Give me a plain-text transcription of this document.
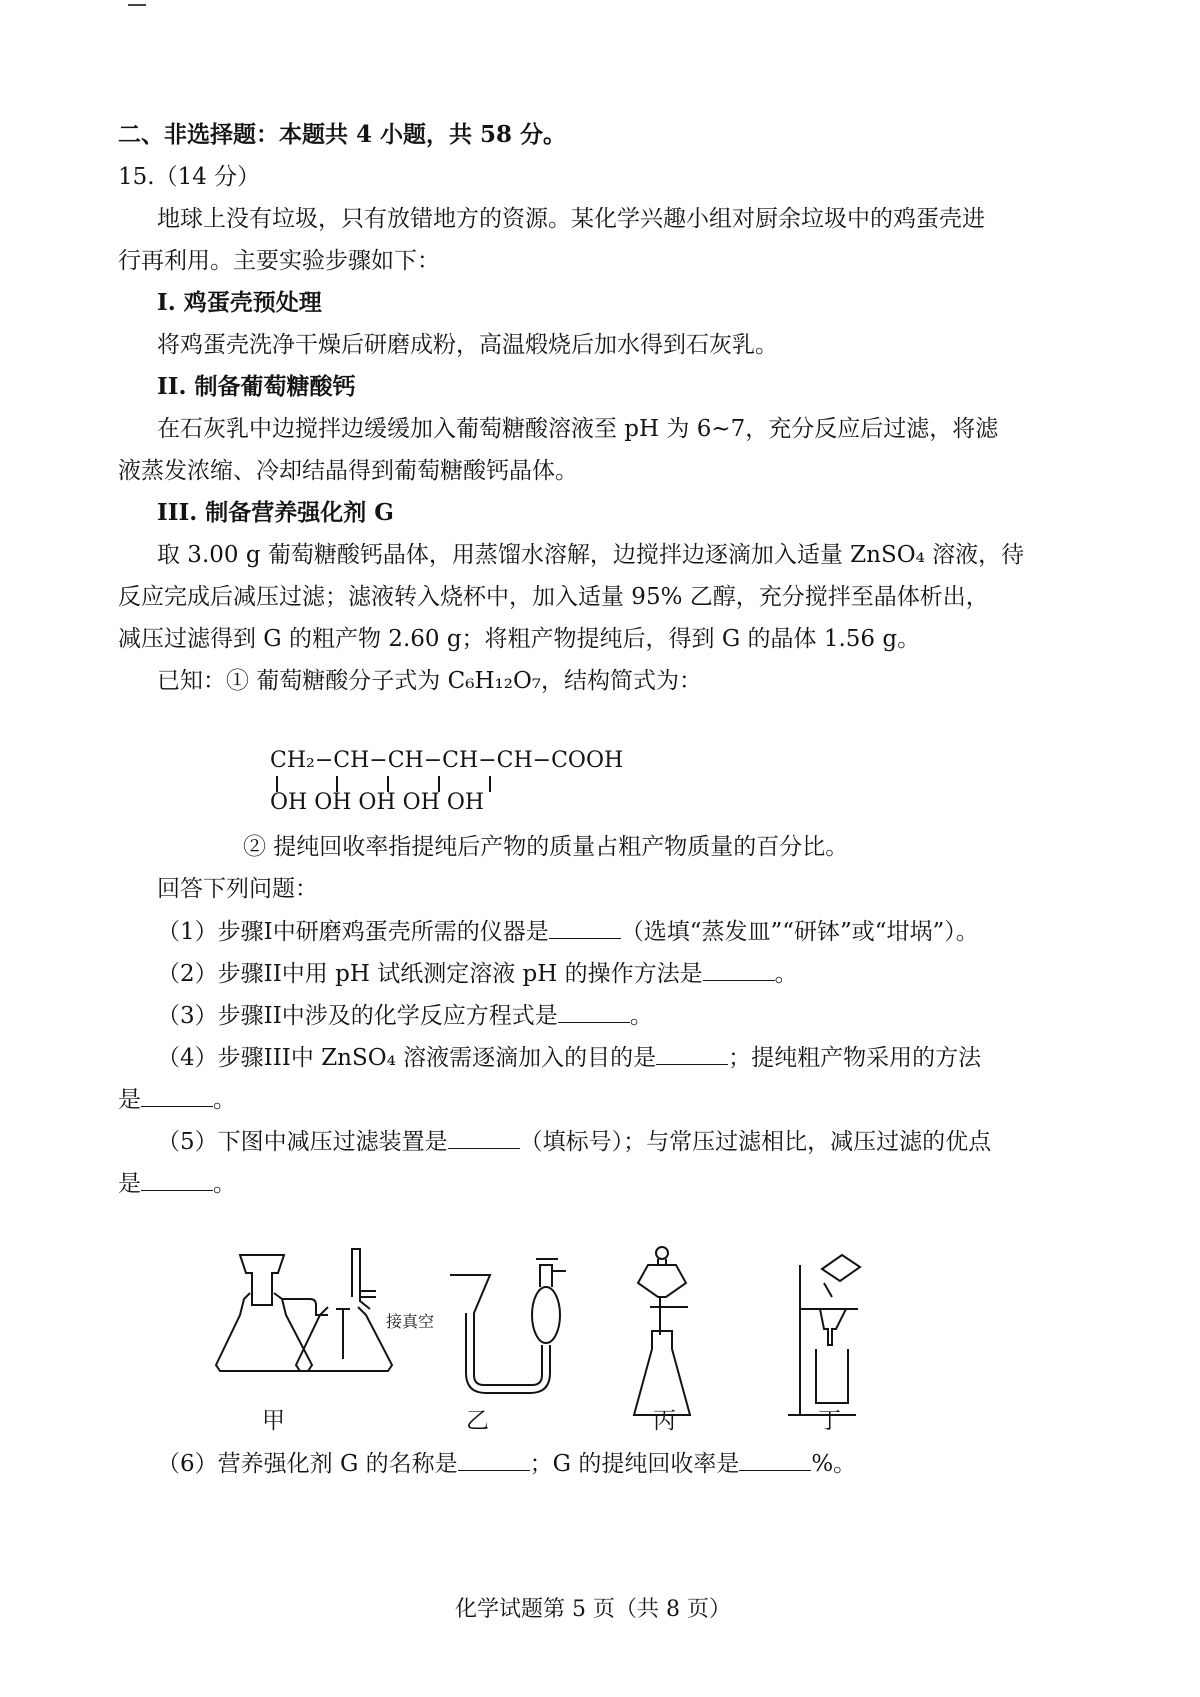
二、非选择题：本题共 4 小题，共 58 分。
15.（14 分）
地球上没有垃圾，只有放错地方的资源。某化学兴趣小组对厨余垃圾中的鸡蛋壳进
行再利用。主要实验步骤如下：
I. 鸡蛋壳预处理
将鸡蛋壳洗净干燥后研磨成粉，高温煅烧后加水得到石灰乳。
II. 制备葡萄糖酸钙
在石灰乳中边搅拌边缓缓加入葡萄糖酸溶液至 pH 为 6~7，充分反应后过滤，将滤
液蒸发浓缩、冷却结晶得到葡萄糖酸钙晶体。
III. 制备营养强化剂 G
取 3.00 g 葡萄糖酸钙晶体，用蒸馏水溶解，边搅拌边逐滴加入适量 ZnSO₄ 溶液，待
反应完成后减压过滤；滤液转入烧杯中，加入适量 95% 乙醇，充分搅拌至晶体析出，
减压过滤得到 G 的粗产物 2.60 g；将粗产物提纯后，得到 G 的晶体 1.56 g。
已知：① 葡萄糖酸分子式为 C₆H₁₂O₇，结构简式为：
CH₂−CH−CH−CH−CH−COOH
OH OH OH OH OH
② 提纯回收率指提纯后产物的质量占粗产物质量的百分比。
回答下列问题：
（1）步骤I中研磨鸡蛋壳所需的仪器是	（选填“蒸发皿”“研钵”或“坩埚”）。
（2）步骤II中用 pH 试纸测定溶液 pH 的操作方法是	。
（3）步骤II中涉及的化学反应方程式是	。
（4）步骤III中 ZnSO₄ 溶液需逐滴加入的目的是	；提纯粗产物采用的方法
是	。
（5）下图中减压过滤装置是	（填标号）；与常压过滤相比，减压过滤的优点
是	。
接真空
甲	乙	丙	丁
（6）营养强化剂 G 的名称是	；G 的提纯回收率是	%。
化学试题第 5 页（共 8 页）
